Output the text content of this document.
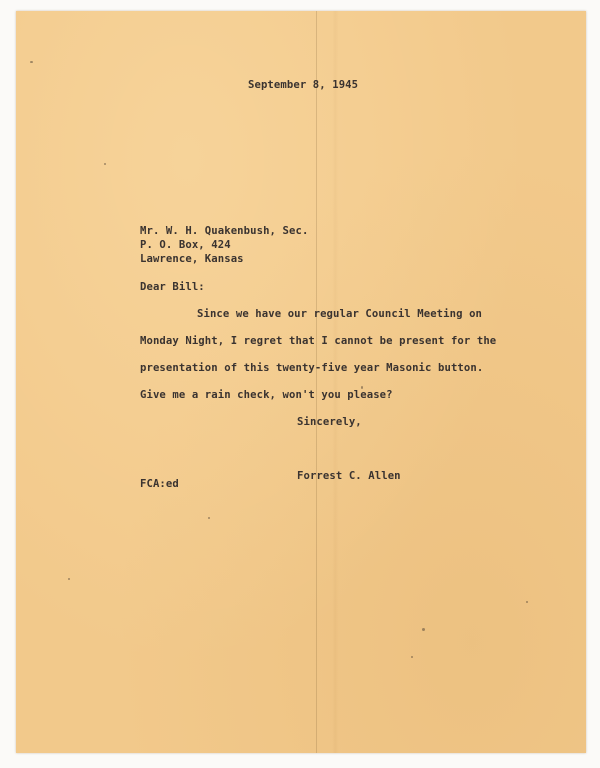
September 8, 1945
Mr. W. H. Quakenbush, Sec.
P. O. Box, 424
Lawrence, Kansas
Dear Bill:
Since we have our regular Council Meeting on
Monday Night, I regret that I cannot be present for the
presentation of this twenty-five year Masonic button.
Give me a rain check, won't you please?
Sincerely,
Forrest C. Allen
FCA:ed
